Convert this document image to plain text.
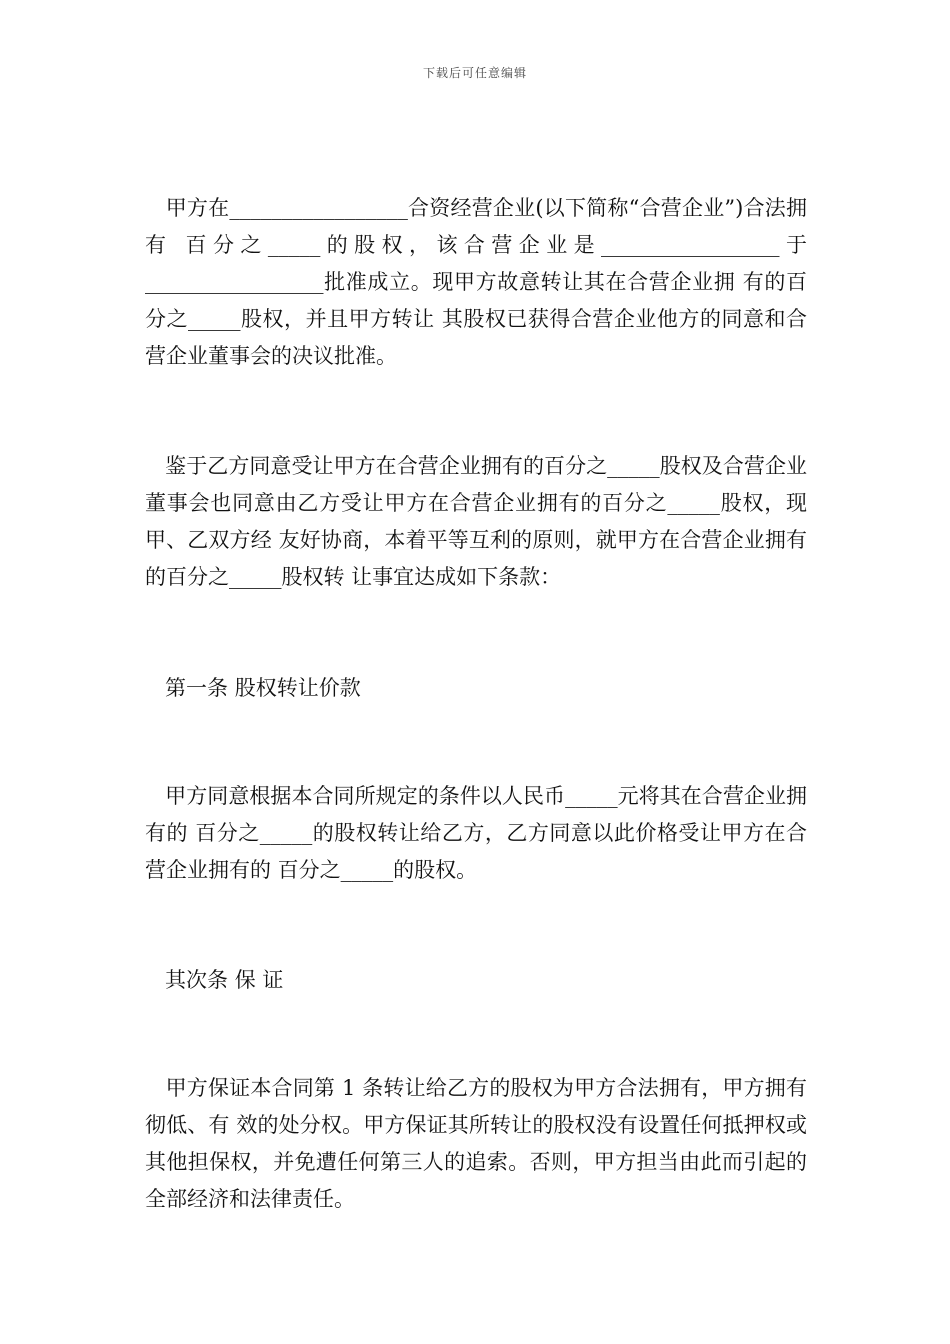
下载后可任意编辑
甲方在_________________合资经营企业(以下简称“合营企业”)合法拥有 百分之_____的股权，该合营企业是_________________于_________________批准成立。现甲方故意转让其在合营企业拥 有的百分之_____股权，并且甲方转让 其股权已获得合营企业他方的同意和合营企业董事会的决议批准。
鉴于乙方同意受让甲方在合营企业拥有的百分之_____股权及合营企业董事会也同意由乙方受让甲方在合营企业拥有的百分之_____股权，现 甲、乙双方经 友好协商，本着平等互利的原则，就甲方在合营企业拥有的百分之_____股权转 让事宜达成如下条款：
第一条 股权转让价款
甲方同意根据本合同所规定的条件以人民币_____元将其在合营企业拥有的 百分之_____的股权转让给乙方，乙方同意以此价格受让甲方在合营企业拥有的 百分之_____的股权。
其次条 保 证
甲方保证本合同第 1 条转让给乙方的股权为甲方合法拥有，甲方拥有彻低、有 效的处分权。甲方保证其所转让的股权没有设置任何抵押权或其他担保权，并免遭任何第三人的追索。否则，甲方担当由此而引起的全部经济和法律责任。
